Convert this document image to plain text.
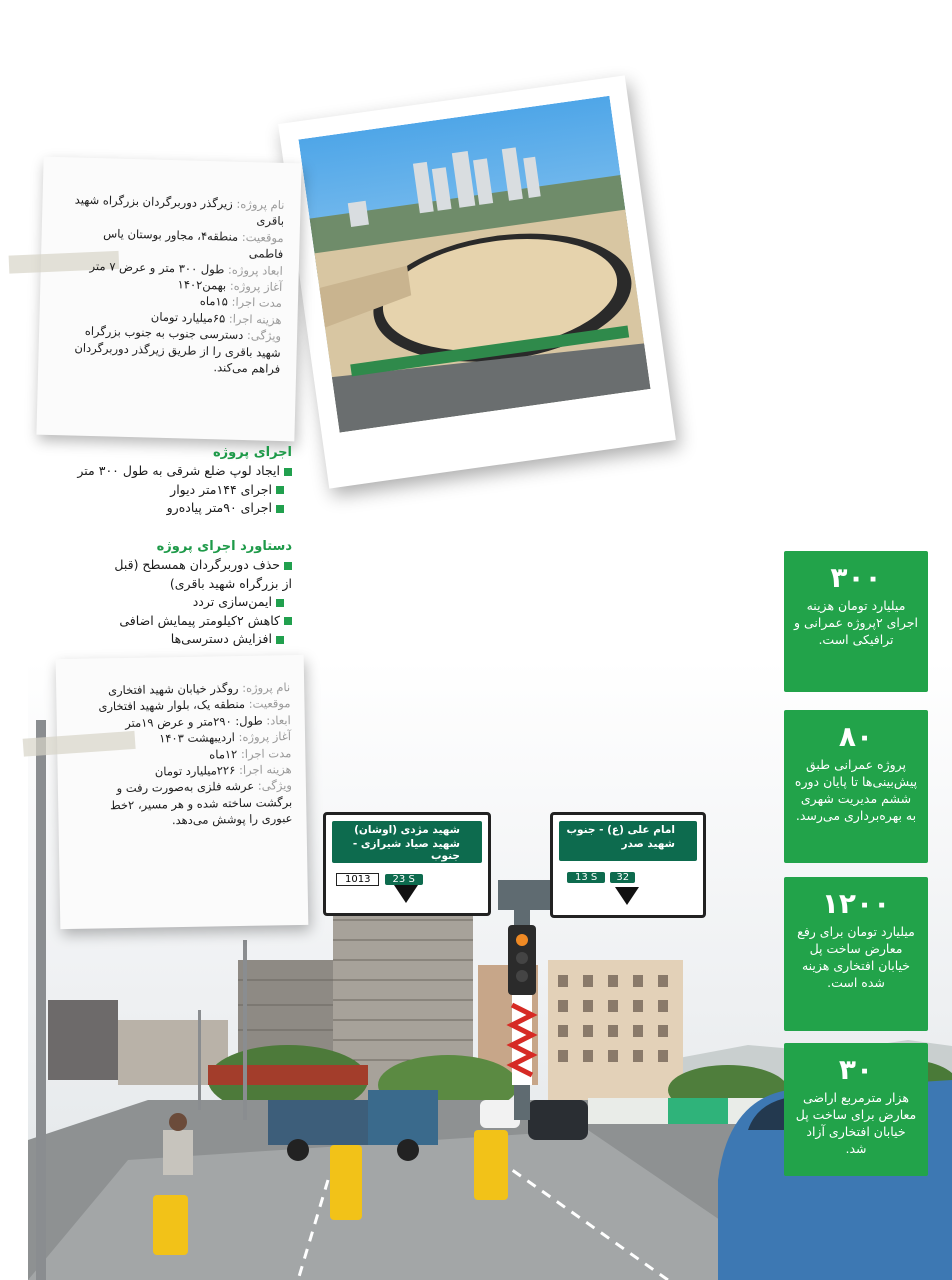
شهید مژدی (اوشان)
شهید صیاد شیرازی - جنوب
1013 23 S
امام علی (ع) - جنوب
شهید صدر
13 S 32
نام پروژه: زیرگذر دوربرگردان بزرگراه شهید باقری
موقعیت: منطقه۴، مجاور بوستان یاس فاطمی
ابعاد پروژه: طول ۳۰۰ متر و عرض ۷ متر
آغاز پروژه: بهمن۱۴۰۲
مدت اجرا: ۱۵ماه
هزینه اجرا: ۶۵میلیارد تومان
ویژگی: دسترسی جنوب به جنوب بزرگراه شهید باقری را از طریق زیرگذر دوربرگردان فراهم می‌کند.
اجرای پروژه
ایجاد لوپ ضلع شرقی به طول ۳۰۰ متر
اجرای ۱۴۴متر دیوار
اجرای ۹۰متر پیاده‌رو
دستاورد اجرای پروژه
حذف دوربرگردان همسطح (قبل از بزرگراه شهید باقری)
ایمن‌سازی تردد
کاهش ۲کیلومتر پیمایش اضافی
افزایش دسترسی‌ها
نام پروژه: روگذر خیابان شهید افتخاری
موقعیت: منطقه یک، بلوار شهید افتخاری
ابعاد: طول: ۲۹۰متر و عرض ۱۹متر
آغاز پروژه: اردیبهشت ۱۴۰۳
مدت اجرا: ۱۲ماه
هزینه اجرا: ۲۲۶میلیارد تومان
ویژگی: عرشه فلزی به‌صورت رفت و برگشت ساخته شده و هر مسیر، ۲خط عبوری را پوشش می‌دهد.
۳۰۰
میلیارد تومان هزینه اجرای ۲پروژه عمرانی و ترافیکی است.
۸۰
پروژه عمرانی طبق پیش‌بینی‌ها تا پایان دوره ششم مدیریت شهری به بهره‌برداری می‌رسد.
۱۲۰۰
میلیارد تومان برای رفع معارض ساخت پل خیابان افتخاری هزینه شده است.
۳۰
هزار مترمربع اراضی معارض برای ساخت پل خیابان افتخاری آزاد شد.
